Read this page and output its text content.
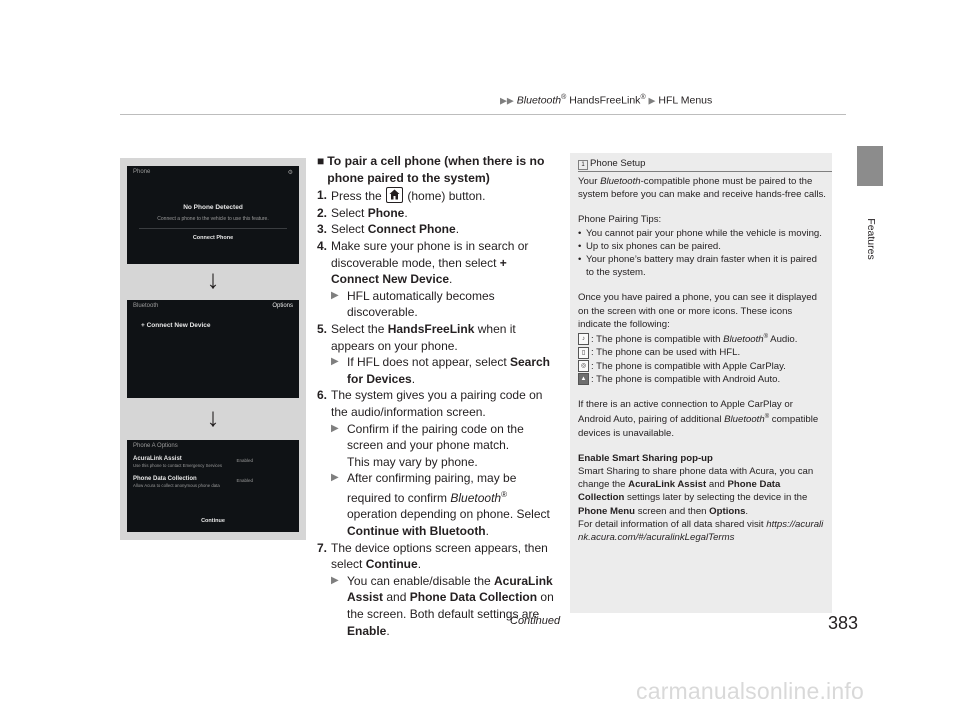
▶▶ Bluetooth® HandsFreeLink® ▶ HFL Menus
Features
Phone	⚙
No Phone Detected
Connect a phone to the vehicle to use this feature.
Connect Phone
↓
Bluetooth	Options
+ Connect New Device
↓
Phone A Options
AcuraLink Assist
Use this phone to contact Emergency Services
Enabled
Phone Data Collection
Allow Acura to collect anonymous phone data
Enabled
Continue
■ To pair a cell phone (when there is no phone paired to the system)
1. Press the (home) button.
2. Select Phone.
3. Select Connect Phone.
4. Make sure your phone is in search or discoverable mode, then select + Connect New Device.
▶ HFL automatically becomes discoverable.
5. Select the HandsFreeLink when it appears on your phone.
▶ If HFL does not appear, select Search for Devices.
6. The system gives you a pairing code on the audio/information screen.
▶ Confirm if the pairing code on the screen and your phone match.
This may vary by phone.
▶ After confirming pairing, may be required to confirm Bluetooth® operation depending on phone. Select Continue with Bluetooth.
7. The device options screen appears, then select Continue.
▶ You can enable/disable the AcuraLink Assist and Phone Data Collection on the screen. Both default settings are Enable.
1 Phone Setup

Your Bluetooth-compatible phone must be paired to the system before you can make and receive hands-free calls.

Phone Pairing Tips:

• You cannot pair your phone while the vehicle is moving.
• Up to six phones can be paired.
• Your phone’s battery may drain faster when it is paired to the system.

Once you have paired a phone, you can see it displayed on the screen with one or more icons. These icons indicate the following:

♪ : The phone is compatible with Bluetooth® Audio.
▯ : The phone can be used with HFL.
◎ : The phone is compatible with Apple CarPlay.
▲ : The phone is compatible with Android Auto.

If there is an active connection to Apple CarPlay or Android Auto, pairing of additional Bluetooth® compatible devices is unavailable.

Enable Smart Sharing pop-up

Smart Sharing to share phone data with Acura, you can change the AcuraLink Assist and Phone Data Collection settings later by selecting the device in the Phone Menu screen and then Options.

For detail information of all data shared visit https://acuralink.acura.com/#/acuralinkLegalTerms

Continued	383
carmanualsonline.info
